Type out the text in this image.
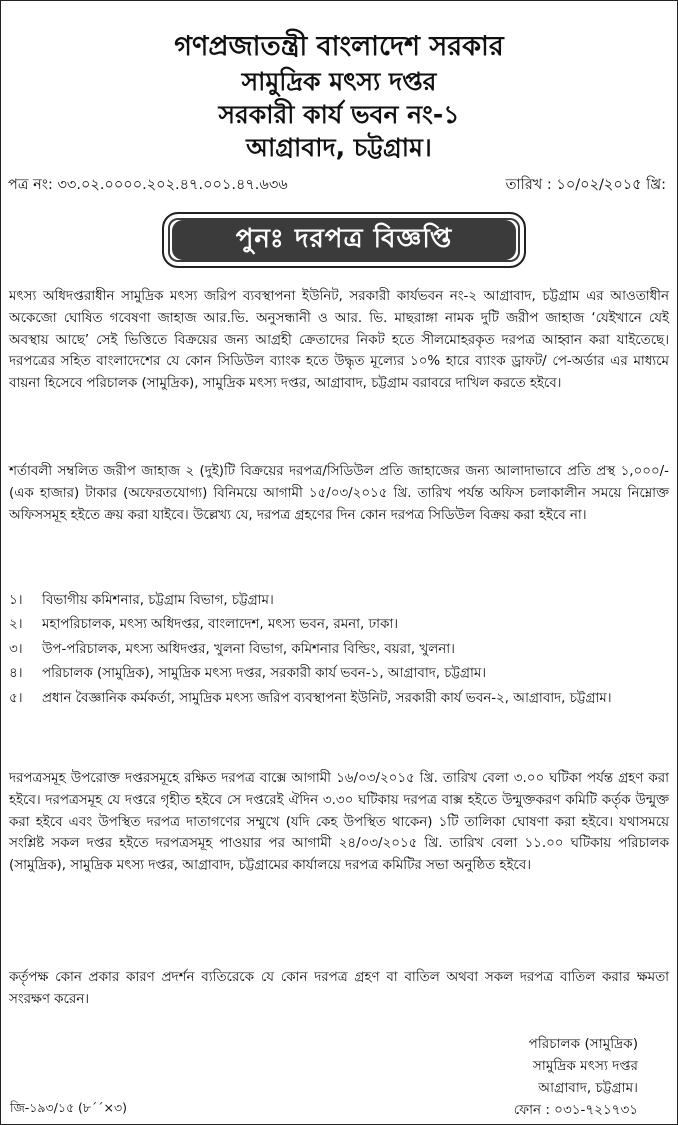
গণপ্রজাতন্ত্রী বাংলাদেশ সরকার
সামুদ্রিক মৎস্য দপ্তর
সরকারী কার্য ভবন নং-১
আগ্রাবাদ, চট্টগ্রাম।
পত্র নং: ৩৩.০২.০০০০.২০২.৪৭.০০১.৪৭.৬৩৬	তারিখ : ১০/০২/২০১৫ খ্রি:
পুনঃ দরপত্র বিজ্ঞপ্তি
মৎস্য অধিদপ্তরাধীন সামুদ্রিক মৎস্য জরিপ ব্যবস্থাপনা ইউনিট, সরকারী কার্যভবন নং-২ আগ্রাবাদ, চট্টগ্রাম এর আওতাধীন অকেজো ঘোষিত গবেষণা জাহাজ আর.ভি. অনুসন্ধানী ও আর. ভি. মাছরাঙ্গা নামক দুটি জরীপ জাহাজ ‘যেইখানে যেই অবস্থায় আছে’ সেই ভিত্তিতে বিক্রয়ের জন্য আগ্রহী ক্রেতাদের নিকট হতে সীলমোহরকৃত দরপত্র আহ্বান করা যাইতেছে। দরপত্রের সহিত বাংলাদেশের যে কোন সিডিউল ব্যাংক হতে উদ্ধৃত মূল্যের ১০% হারে ব্যাংক ড্রাফট/ পে-অর্ডার এর মাধ্যমে বায়না হিসেবে পরিচালক (সামুদ্রিক), সামুদ্রিক মৎস্য দপ্তর, আগ্রাবাদ, চট্টগ্রাম বরাবরে দাখিল করতে হইবে।
শর্তাবলী সম্বলিত জরীপ জাহাজ ২ (দুই)টি বিক্রয়ের দরপত্র/সিডিউল প্রতি জাহাজের জন্য আলাদাভাবে প্রতি প্রস্থ ১,০০০/- (এক হাজার) টাকার (অফেরতযোগ্য) বিনিময়ে আগামী ১৫/০৩/২০১৫ খ্রি. তারিখ পর্যন্ত অফিস চলাকালীন সময়ে নিম্নোক্ত অফিসসমূহ হইতে ক্রয় করা যাইবে। উল্লেখ্য যে, দরপত্র গ্রহণের দিন কোন দরপত্র সিডিউল বিক্রয় করা হইবে না।
১।	বিভাগীয় কমিশনার, চট্টগ্রাম বিভাগ, চট্টগ্রাম।
২।	মহাপরিচালক, মৎস্য অধিদপ্তর, বাংলাদেশ, মৎস্য ভবন, রমনা, ঢাকা।
৩।	উপ-পরিচালক, মৎস্য অধিদপ্তর, খুলনা বিভাগ, কমিশনার বিল্ডিং, বয়রা, খুলনা।
৪।	পরিচালক (সামুদ্রিক), সামুদ্রিক মৎস্য দপ্তর, সরকারী কার্য ভবন-১, আগ্রাবাদ, চট্টগ্রাম।
৫।	প্রধান বৈজ্ঞানিক কর্মকর্তা, সামুদ্রিক মৎস্য জরিপ ব্যবস্থাপনা ইউনিট, সরকারী কার্য ভবন-২, আগ্রাবাদ, চট্টগ্রাম।
দরপত্রসমূহ উপরোক্ত দপ্তরসমূহে রক্ষিত দরপত্র বাক্সে আগামী ১৬/০৩/২০১৫ খ্রি. তারিখ বেলা ৩.০০ ঘটিকা পর্যন্ত গ্রহণ করা হইবে। দরপত্রসমূহ যে দপ্তরে গৃহীত হইবে সে দপ্তরেই ঐদিন ৩.৩০ ঘটিকায় দরপত্র বাক্স হইতে উন্মুক্তকরণ কমিটি কর্তৃক উন্মুক্ত করা হইবে এবং উপস্থিত দরপত্র দাতাগণের সম্মুখে (যদি কেহ উপস্থিত থাকেন) ১টি তালিকা ঘোষণা করা হইবে। যথাসময়ে সংশ্লিষ্ট সকল দপ্তর হইতে দরপত্রসমূহ পাওয়ার পর আগামী ২৪/০৩/২০১৫ খ্রি. তারিখ বেলা ১১.০০ ঘটিকায় পরিচালক (সামুদ্রিক), সামুদ্রিক মৎস্য দপ্তর, আগ্রাবাদ, চট্টগ্রামের কার্যালয়ে দরপত্র কমিটির সভা অনুষ্ঠিত হইবে।
কর্তৃপক্ষ কোন প্রকার কারণ প্রদর্শন ব্যতিরেকে যে কোন দরপত্র গ্রহণ বা বাতিল অথবা সকল দরপত্র বাতিল করার ক্ষমতা সংরক্ষণ করেন।
পরিচালক (সামুদ্রিক)
সামুদ্রিক মৎস্য দপ্তর
আগ্রাবাদ, চট্টগ্রাম।
জি-১৯৩/১৫ (৮´´×৩)	ফোন : ০৩১-৭২১৭৩১
